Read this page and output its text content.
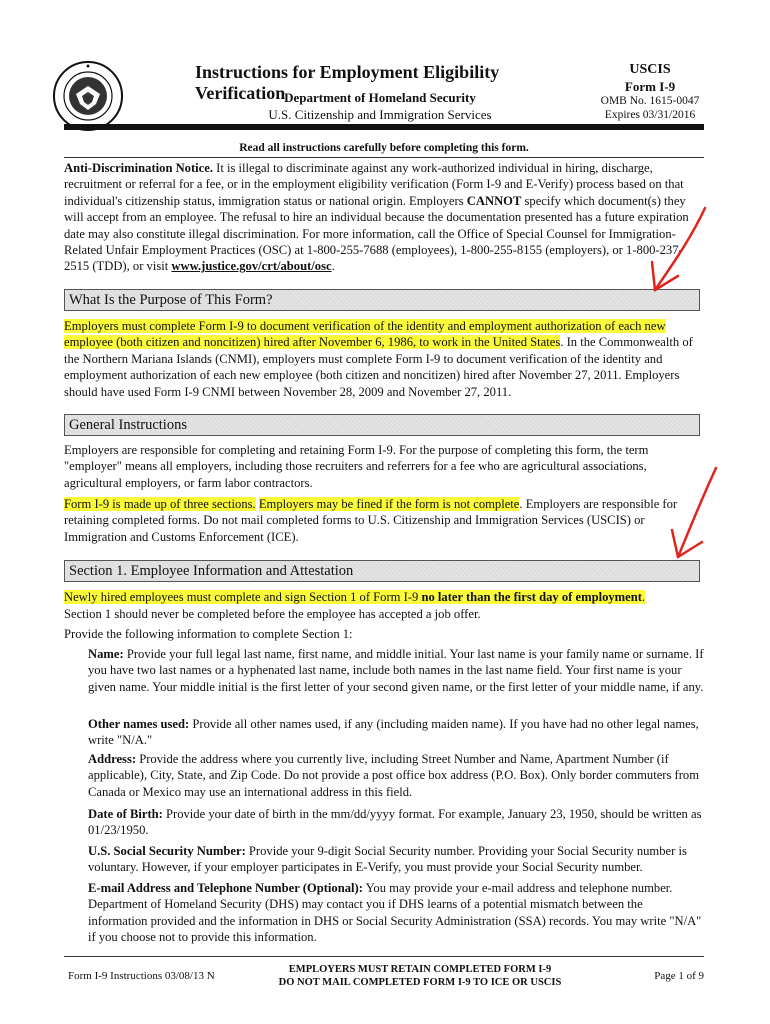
Instructions for Employment Eligibility Verification
Department of Homeland Security
U.S. Citizenship and Immigration Services
USCIS
Form I-9
OMB No. 1615-0047
Expires 03/31/2016
Read all instructions carefully before completing this form.

Anti-Discrimination Notice. It is illegal to discriminate against any work-authorized individual in hiring, discharge, recruitment or referral for a fee, or in the employment eligibility verification (Form I-9 and E-Verify) process based on that individual's citizenship status, immigration status or national origin. Employers CANNOT specify which document(s) they will accept from an employee. The refusal to hire an individual because the documentation presented has a future expiration date may also constitute illegal discrimination. For more information, call the Office of Special Counsel for Immigration-Related Unfair Employment Practices (OSC) at 1-800-255-7688 (employees), 1-800-255-8155 (employers), or 1-800-237-2515 (TDD), or visit www.justice.gov/crt/about/osc.

What Is the Purpose of This Form?

Employers must complete Form I-9 to document verification of the identity and employment authorization of each new employee (both citizen and noncitizen) hired after November 6, 1986, to work in the United States. In the Commonwealth of the Northern Mariana Islands (CNMI), employers must complete Form I-9 to document verification of the identity and employment authorization of each new employee (both citizen and noncitizen) hired after November 27, 2011. Employers should have used Form I-9 CNMI between November 28, 2009 and November 27, 2011.

General Instructions

Employers are responsible for completing and retaining Form I-9. For the purpose of completing this form, the term "employer" means all employers, including those recruiters and referrers for a fee who are agricultural associations, agricultural employers, or farm labor contractors.

Form I-9 is made up of three sections. Employers may be fined if the form is not complete. Employers are responsible for retaining completed forms. Do not mail completed forms to U.S. Citizenship and Immigration Services (USCIS) or Immigration and Customs Enforcement (ICE).

Section 1. Employee Information and Attestation

Newly hired employees must complete and sign Section 1 of Form I-9 no later than the first day of employment.

Section 1 should never be completed before the employee has accepted a job offer.

Provide the following information to complete Section 1:

Name: Provide your full legal last name, first name, and middle initial. Your last name is your family name or surname. If you have two last names or a hyphenated last name, include both names in the last name field. Your first name is your given name. Your middle initial is the first letter of your second given name, or the first letter of your middle name, if any.

Other names used: Provide all other names used, if any (including maiden name). If you have had no other legal names, write "N/A."

Address: Provide the address where you currently live, including Street Number and Name, Apartment Number (if applicable), City, State, and Zip Code. Do not provide a post office box address (P.O. Box). Only border commuters from Canada or Mexico may use an international address in this field.

Date of Birth: Provide your date of birth in the mm/dd/yyyy format. For example, January 23, 1950, should be written as 01/23/1950.

U.S. Social Security Number: Provide your 9-digit Social Security number. Providing your Social Security number is voluntary. However, if your employer participates in E-Verify, you must provide your Social Security number.

E-mail Address and Telephone Number (Optional): You may provide your e-mail address and telephone number. Department of Homeland Security (DHS) may contact you if DHS learns of a potential mismatch between the information provided and the information in DHS or Social Security Administration (SSA) records. You may write "N/A" if you choose not to provide this information.

Form I-9 Instructions 03/08/13 N
EMPLOYERS MUST RETAIN COMPLETED FORM I-9
DO NOT MAIL COMPLETED FORM I-9 TO ICE OR USCIS
Page 1 of 9
